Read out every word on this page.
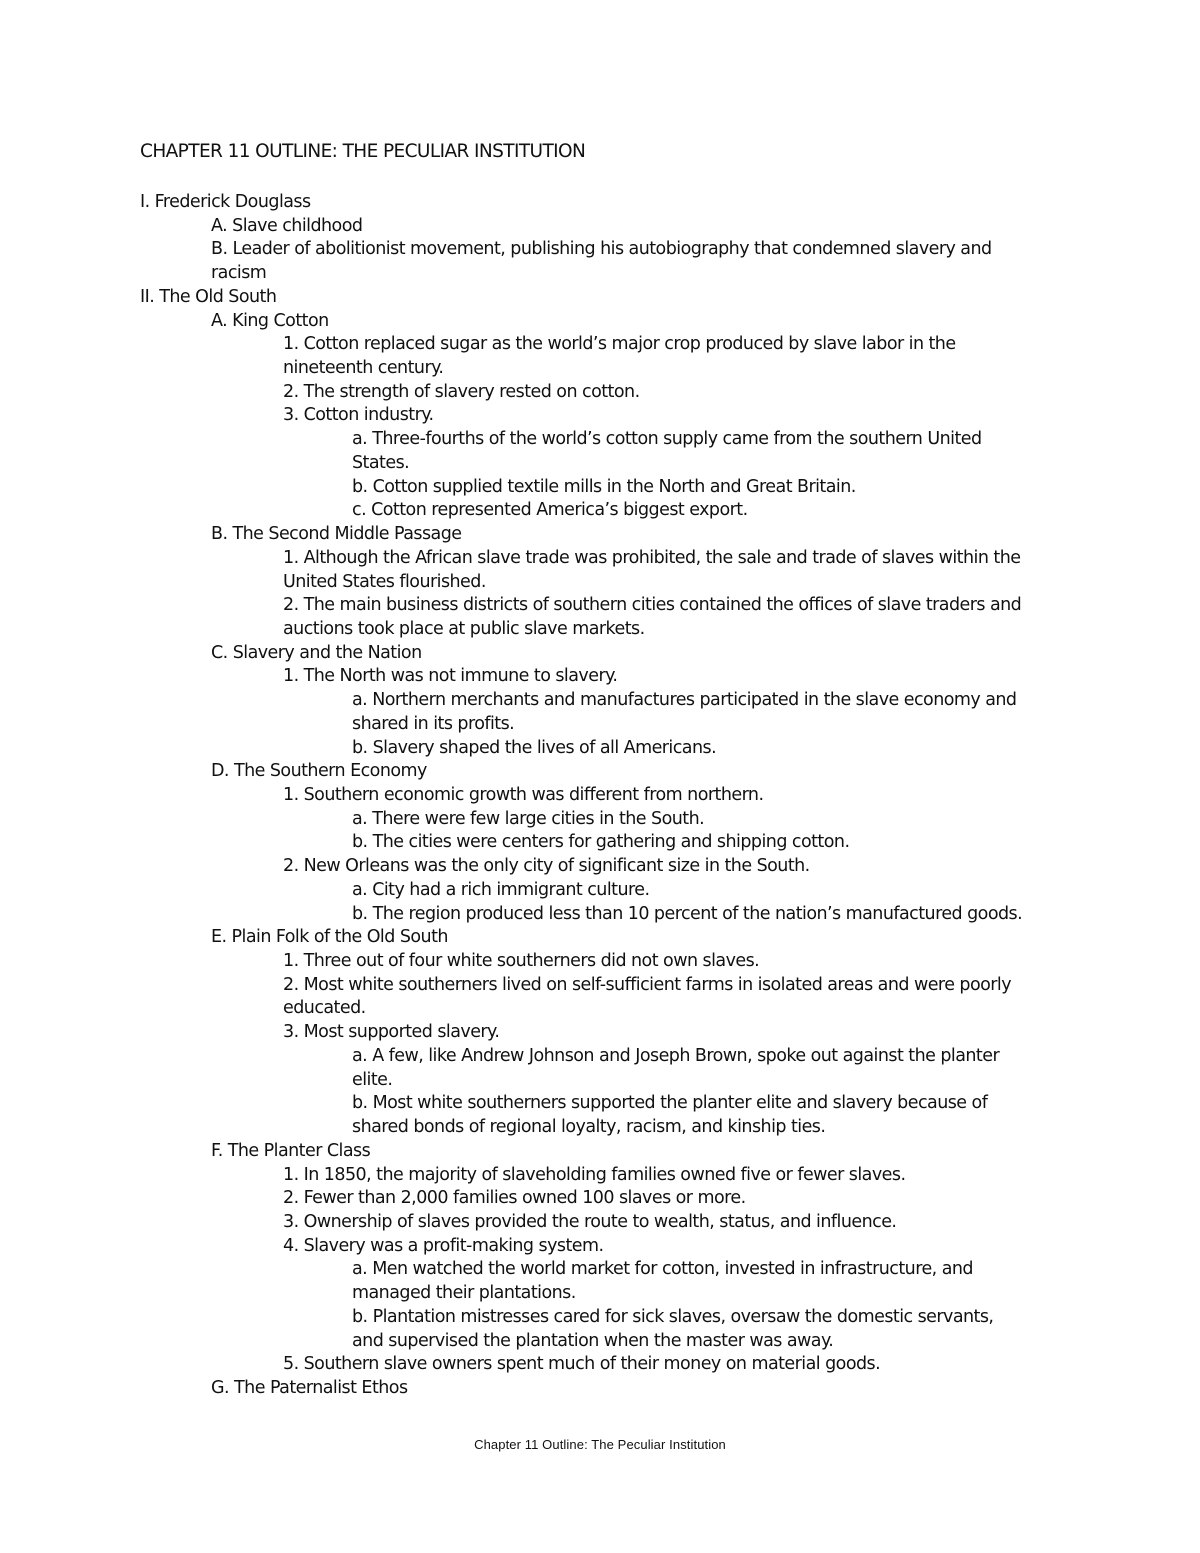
CHAPTER 11 OUTLINE: THE PECULIAR INSTITUTION
I. Frederick Douglass
A. Slave childhood
B. Leader of abolitionist movement, publishing his autobiography that condemned slavery and
racism
II. The Old South
A. King Cotton
1. Cotton replaced sugar as the world’s major crop produced by slave labor in the
nineteenth century.
2. The strength of slavery rested on cotton.
3. Cotton industry.
a. Three-fourths of the world’s cotton supply came from the southern United
States.
b. Cotton supplied textile mills in the North and Great Britain.
c. Cotton represented America’s biggest export.
B. The Second Middle Passage
1. Although the African slave trade was prohibited, the sale and trade of slaves within the
United States flourished.
2. The main business districts of southern cities contained the offices of slave traders and
auctions took place at public slave markets.
C. Slavery and the Nation
1. The North was not immune to slavery.
a. Northern merchants and manufactures participated in the slave economy and
shared in its profits.
b. Slavery shaped the lives of all Americans.
D. The Southern Economy
1. Southern economic growth was different from northern.
a. There were few large cities in the South.
b. The cities were centers for gathering and shipping cotton.
2. New Orleans was the only city of significant size in the South.
a. City had a rich immigrant culture.
b. The region produced less than 10 percent of the nation’s manufactured goods.
E. Plain Folk of the Old South
1. Three out of four white southerners did not own slaves.
2. Most white southerners lived on self-sufficient farms in isolated areas and were poorly
educated.
3. Most supported slavery.
a. A few, like Andrew Johnson and Joseph Brown, spoke out against the planter
elite.
b. Most white southerners supported the planter elite and slavery because of
shared bonds of regional loyalty, racism, and kinship ties.
F. The Planter Class
1. In 1850, the majority of slaveholding families owned five or fewer slaves.
2. Fewer than 2,000 families owned 100 slaves or more.
3. Ownership of slaves provided the route to wealth, status, and influence.
4. Slavery was a profit-making system.
a. Men watched the world market for cotton, invested in infrastructure, and
managed their plantations.
b. Plantation mistresses cared for sick slaves, oversaw the domestic servants,
and supervised the plantation when the master was away.
5. Southern slave owners spent much of their money on material goods.
G. The Paternalist Ethos
Chapter 11 Outline: The Peculiar Institution
